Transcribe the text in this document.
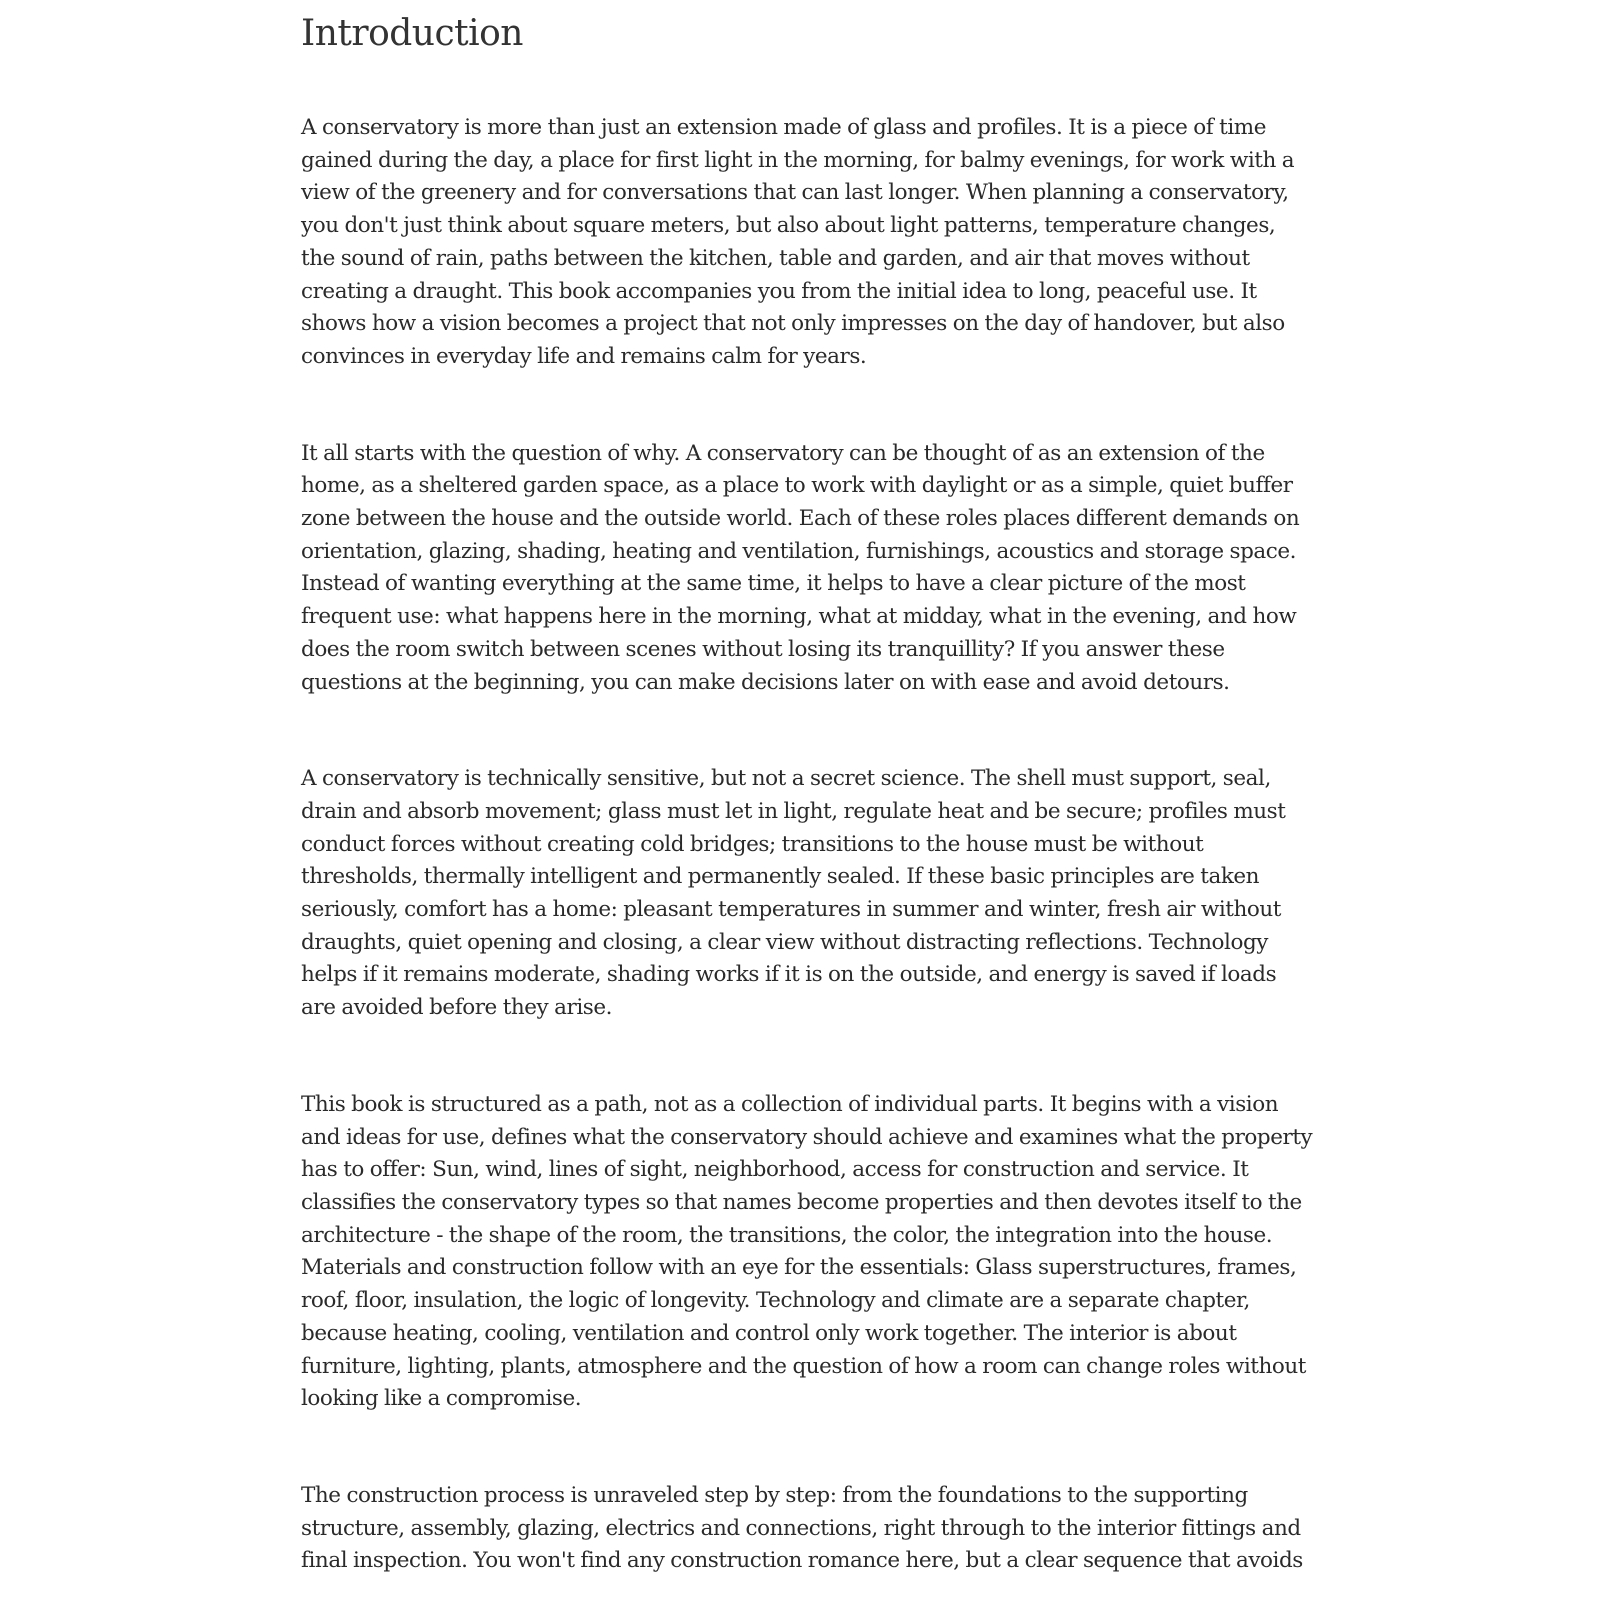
Introduction

A conservatory is more than just an extension made of glass and profiles. It is a piece of time gained during the day, a place for first light in the morning, for balmy evenings, for work with a view of the greenery and for conversations that can last longer. When planning a conservatory, you don't just think about square meters, but also about light patterns, temperature changes, the sound of rain, paths between the kitchen, table and garden, and air that moves without creating a draught. This book accompanies you from the initial idea to long, peaceful use. It shows how a vision becomes a project that not only impresses on the day of handover, but also convinces in everyday life and remains calm for years.

It all starts with the question of why. A conservatory can be thought of as an extension of the home, as a sheltered garden space, as a place to work with daylight or as a simple, quiet buffer zone between the house and the outside world. Each of these roles places different demands on orientation, glazing, shading, heating and ventilation, furnishings, acoustics and storage space. Instead of wanting everything at the same time, it helps to have a clear picture of the most frequent use: what happens here in the morning, what at midday, what in the evening, and how does the room switch between scenes without losing its tranquillity? If you answer these questions at the beginning, you can make decisions later on with ease and avoid detours.

A conservatory is technically sensitive, but not a secret science. The shell must support, seal, drain and absorb movement; glass must let in light, regulate heat and be secure; profiles must conduct forces without creating cold bridges; transitions to the house must be without thresholds, thermally intelligent and permanently sealed. If these basic principles are taken seriously, comfort has a home: pleasant temperatures in summer and winter, fresh air without draughts, quiet opening and closing, a clear view without distracting reflections. Technology helps if it remains moderate, shading works if it is on the outside, and energy is saved if loads are avoided before they arise.

This book is structured as a path, not as a collection of individual parts. It begins with a vision and ideas for use, defines what the conservatory should achieve and examines what the property has to offer: Sun, wind, lines of sight, neighborhood, access for construction and service. It classifies the conservatory types so that names become properties and then devotes itself to the architecture - the shape of the room, the transitions, the color, the integration into the house. Materials and construction follow with an eye for the essentials: Glass superstructures, frames, roof, floor, insulation, the logic of longevity. Technology and climate are a separate chapter, because heating, cooling, ventilation and control only work together. The interior is about furniture, lighting, plants, atmosphere and the question of how a room can change roles without looking like a compromise.

The construction process is unraveled step by step: from the foundations to the supporting structure, assembly, glazing, electrics and connections, right through to the interior fittings and final inspection. You won't find any construction romance here, but a clear sequence that avoids
